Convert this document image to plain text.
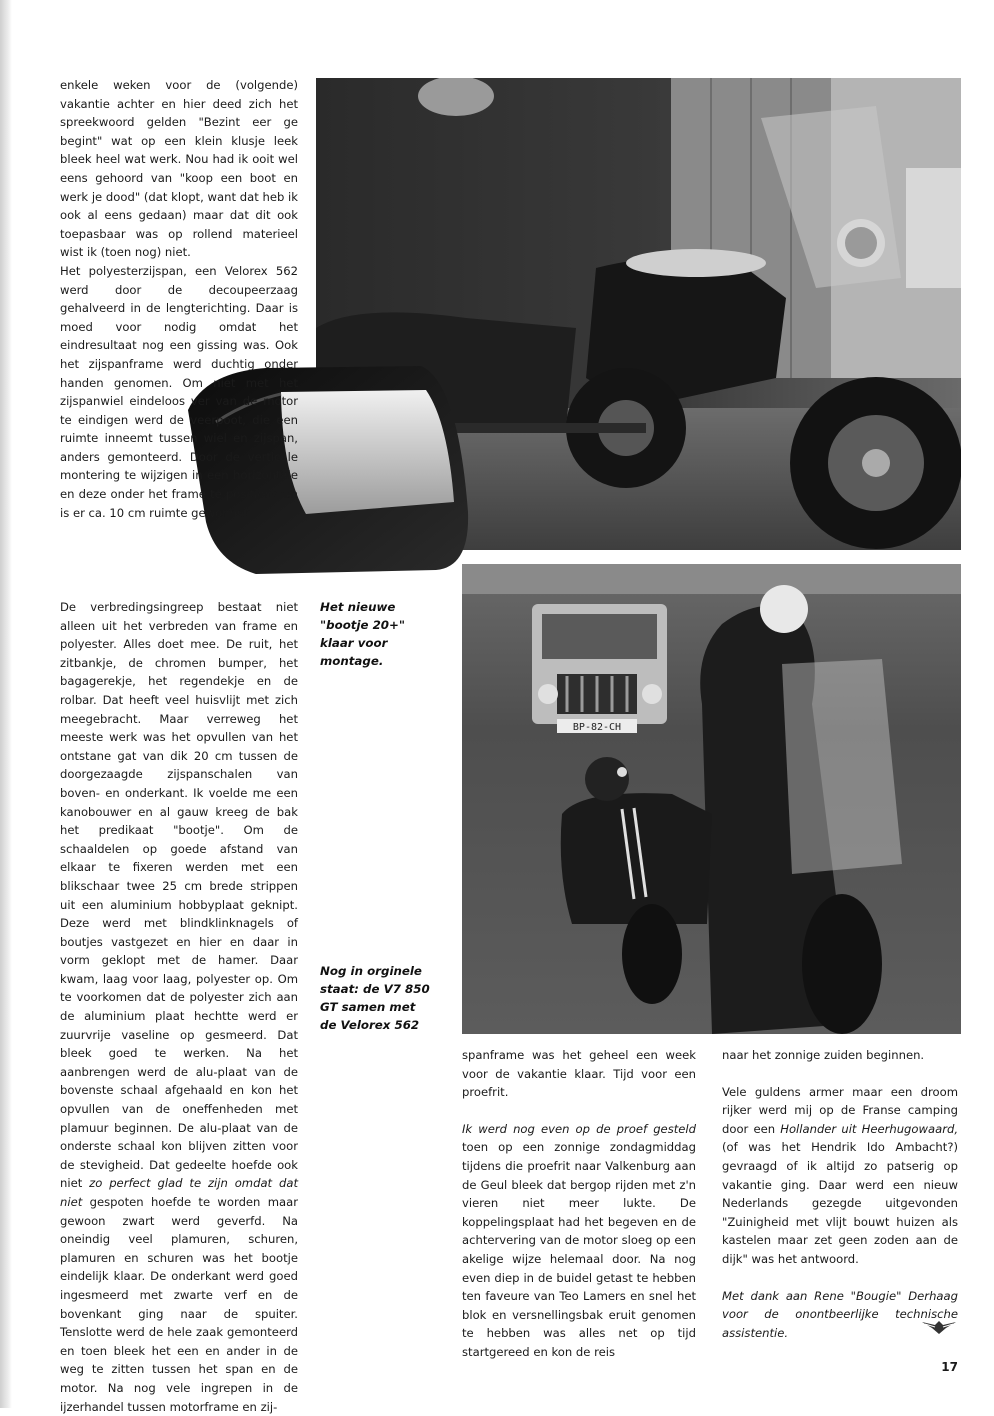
enkele weken voor de (volgende) vakantie achter en hier deed zich het spreekwoord gelden "Bezint eer ge begint" wat op een klein klusje leek bleek heel wat werk. Nou had ik ooit wel eens gehoord van "koop een boot en werk je dood" (dat klopt, want dat heb ik ook al eens gedaan) maar dat dit ook toepasbaar was op rollend materieel wist ik (toen nog) niet.

Het polyesterzijspan, een Velorex 562 werd door de decoupeerzaag gehalveerd in de lengterichting. Daar is moed voor nodig omdat het eindresultaat nog een gissing was. Ook het zijspanframe werd duchtig onder handen genomen. Om niet met het zijspanwiel eindeloos ver van de motor te eindigen werd de veerpoot, die een ruimte inneemt tussen wiel en zijspan, anders gemonteerd. Door de verticale montering te wijzigen in een horizontale en deze onder het frame te positioneren is er ca. 10 cm ruimte gewonnen.

De verbredingsingreep bestaat niet alleen uit het verbreden van frame en polyester. Alles doet mee. De ruit, het zitbankje, de chromen bumper, het bagagerekje, het regendekje en de rolbar. Dat heeft veel huisvlijt met zich meegebracht. Maar verreweg het meeste werk was het opvullen van het ontstane gat van dik 20 cm tussen de doorgezaagde zijspanschalen van boven- en onderkant. Ik voelde me een kanobouwer en al gauw kreeg de bak het predikaat "bootje". Om de schaaldelen op goede afstand van elkaar te fixeren werden met een blikschaar twee 25 cm brede strippen uit een aluminium hobbyplaat geknipt. Deze werd met blindklinknagels of boutjes vastgezet en hier en daar in vorm geklopt met de hamer. Daar kwam, laag voor laag, polyester op. Om te voorkomen dat de polyester zich aan de aluminium plaat hechtte werd er zuurvrije vaseline op gesmeerd. Dat bleek goed te werken. Na het aanbrengen werd de alu-plaat van de bovenste schaal afgehaald en kon het opvullen van de oneffenheden met plamuur beginnen. De alu-plaat van de onderste schaal kon blijven zitten voor de stevigheid. Dat gedeelte hoefde ook niet zo perfect glad te zijn omdat dat niet gespoten hoefde te worden maar gewoon zwart werd geverfd. Na oneindig veel plamuren, schuren, plamuren en schuren was het bootje eindelijk klaar. De onderkant werd goed ingesmeerd met zwarte verf en de bovenkant ging naar de spuiter. Tenslotte werd de hele zaak gemonteerd en toen bleek het een en ander in de weg te zitten tussen het span en de motor. Na nog vele ingrepen in de ijzerhandel tussen motorframe en zij-

Het nieuwe "bootje 20+" klaar voor montage.
Nog in orginele staat: de V7 850 GT samen met de Velorex 562
BP-82-CH

spanframe was het geheel een week voor de vakantie klaar. Tijd voor een proefrit.

Ik werd nog even op de proef gesteld toen op een zonnige zondagmiddag tijdens die proefrit naar Valkenburg aan de Geul bleek dat bergop rijden met z'n vieren niet meer lukte. De koppelingsplaat had het begeven en de achtervering van de motor sloeg op een akelige wijze helemaal door. Na nog even diep in de buidel getast te hebben ten faveure van Teo Lamers en snel het blok en versnellingsbak eruit genomen te hebben was alles net op tijd startgereed en kon de reis

naar het zonnige zuiden beginnen.

Vele guldens armer maar een droom rijker werd mij op de Franse camping door een Hollander uit Heerhugowaard, (of was het Hendrik Ido Ambacht?) gevraagd of ik altijd zo patserig op vakantie ging. Daar werd een nieuw Nederlands gezegde uitgevonden "Zuinigheid met vlijt bouwt huizen als kastelen maar zet geen zoden aan de dijk" was het antwoord.

Met dank aan Rene "Bougie" Derhaag voor de onontbeerlijke technische assistentie.

17
